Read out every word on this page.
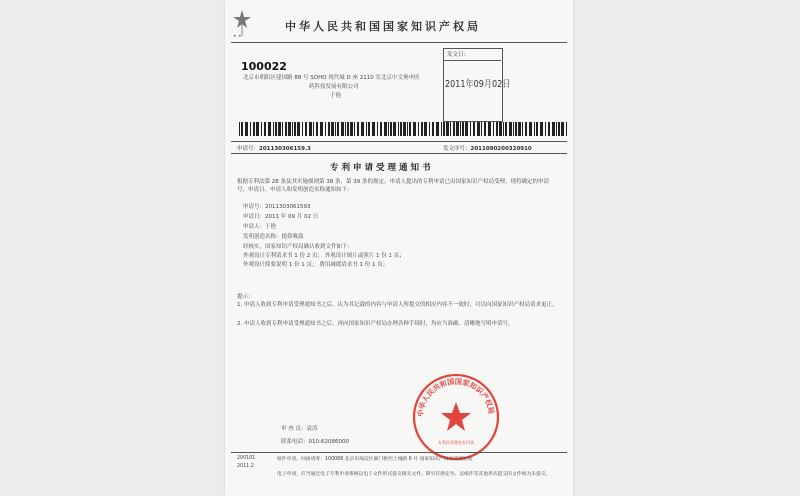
★ ★
中华人民共和国国家知识产权局
100022
北京市朝阳区建国路 88 号 SOHO 现代城 D 座 2110 室北京中文奥申医
药科技发展有限公司
于艳
发文日：
2011年09月02日
申请号：201130306159.3	发文序号：2011090200320910
专利申请受理通知书
根据专利法第 28 条及其实施细则第 38 条、第 39 条的规定，申请人提出的专利申请已由国家知识产权局受理。现将确定的申请号、申请日、申请人和发明创造名称通知如下：
申请号：2011303061593
申请日：2011 年 09 月 02 日
申请人：于艳
发明创造名称：提鼻吸鼓
经核实，国家知识产权局确认收到文件如下：
外观设计专利请求书 1 份 2 页； 外观设计图片或照片 1 份 1 页；
外观设计简要说明 1 份 1 页； 费用减缓请求书 1 份 1 页；
提示：
1. 申请人收到专利申请受理通知书之后，认为其记载的内容与申请人所提交的相应内容不一致时，可以向国家知识产权局请求更正。
2. 申请人收到专利申请受理通知书之后，再向国家知识产权局办理各种手续时，均应当准确、清晰地写明申请号。
审 查 员：袁涛
联系电话：010-62086000
中华人民共和国国家知识产权局
专利局受理处专用章
200101
2011.2
纸件申请，回函请寄：100088 北京市海淀区蓟门桥西土城路 6 号 国家知识产权局受理处收
电子申请，应当通过电子专利申请系统以电子文件形式提交相关文件。除另有规定外，以纸件等其他形式提交的文件视为未提交。
